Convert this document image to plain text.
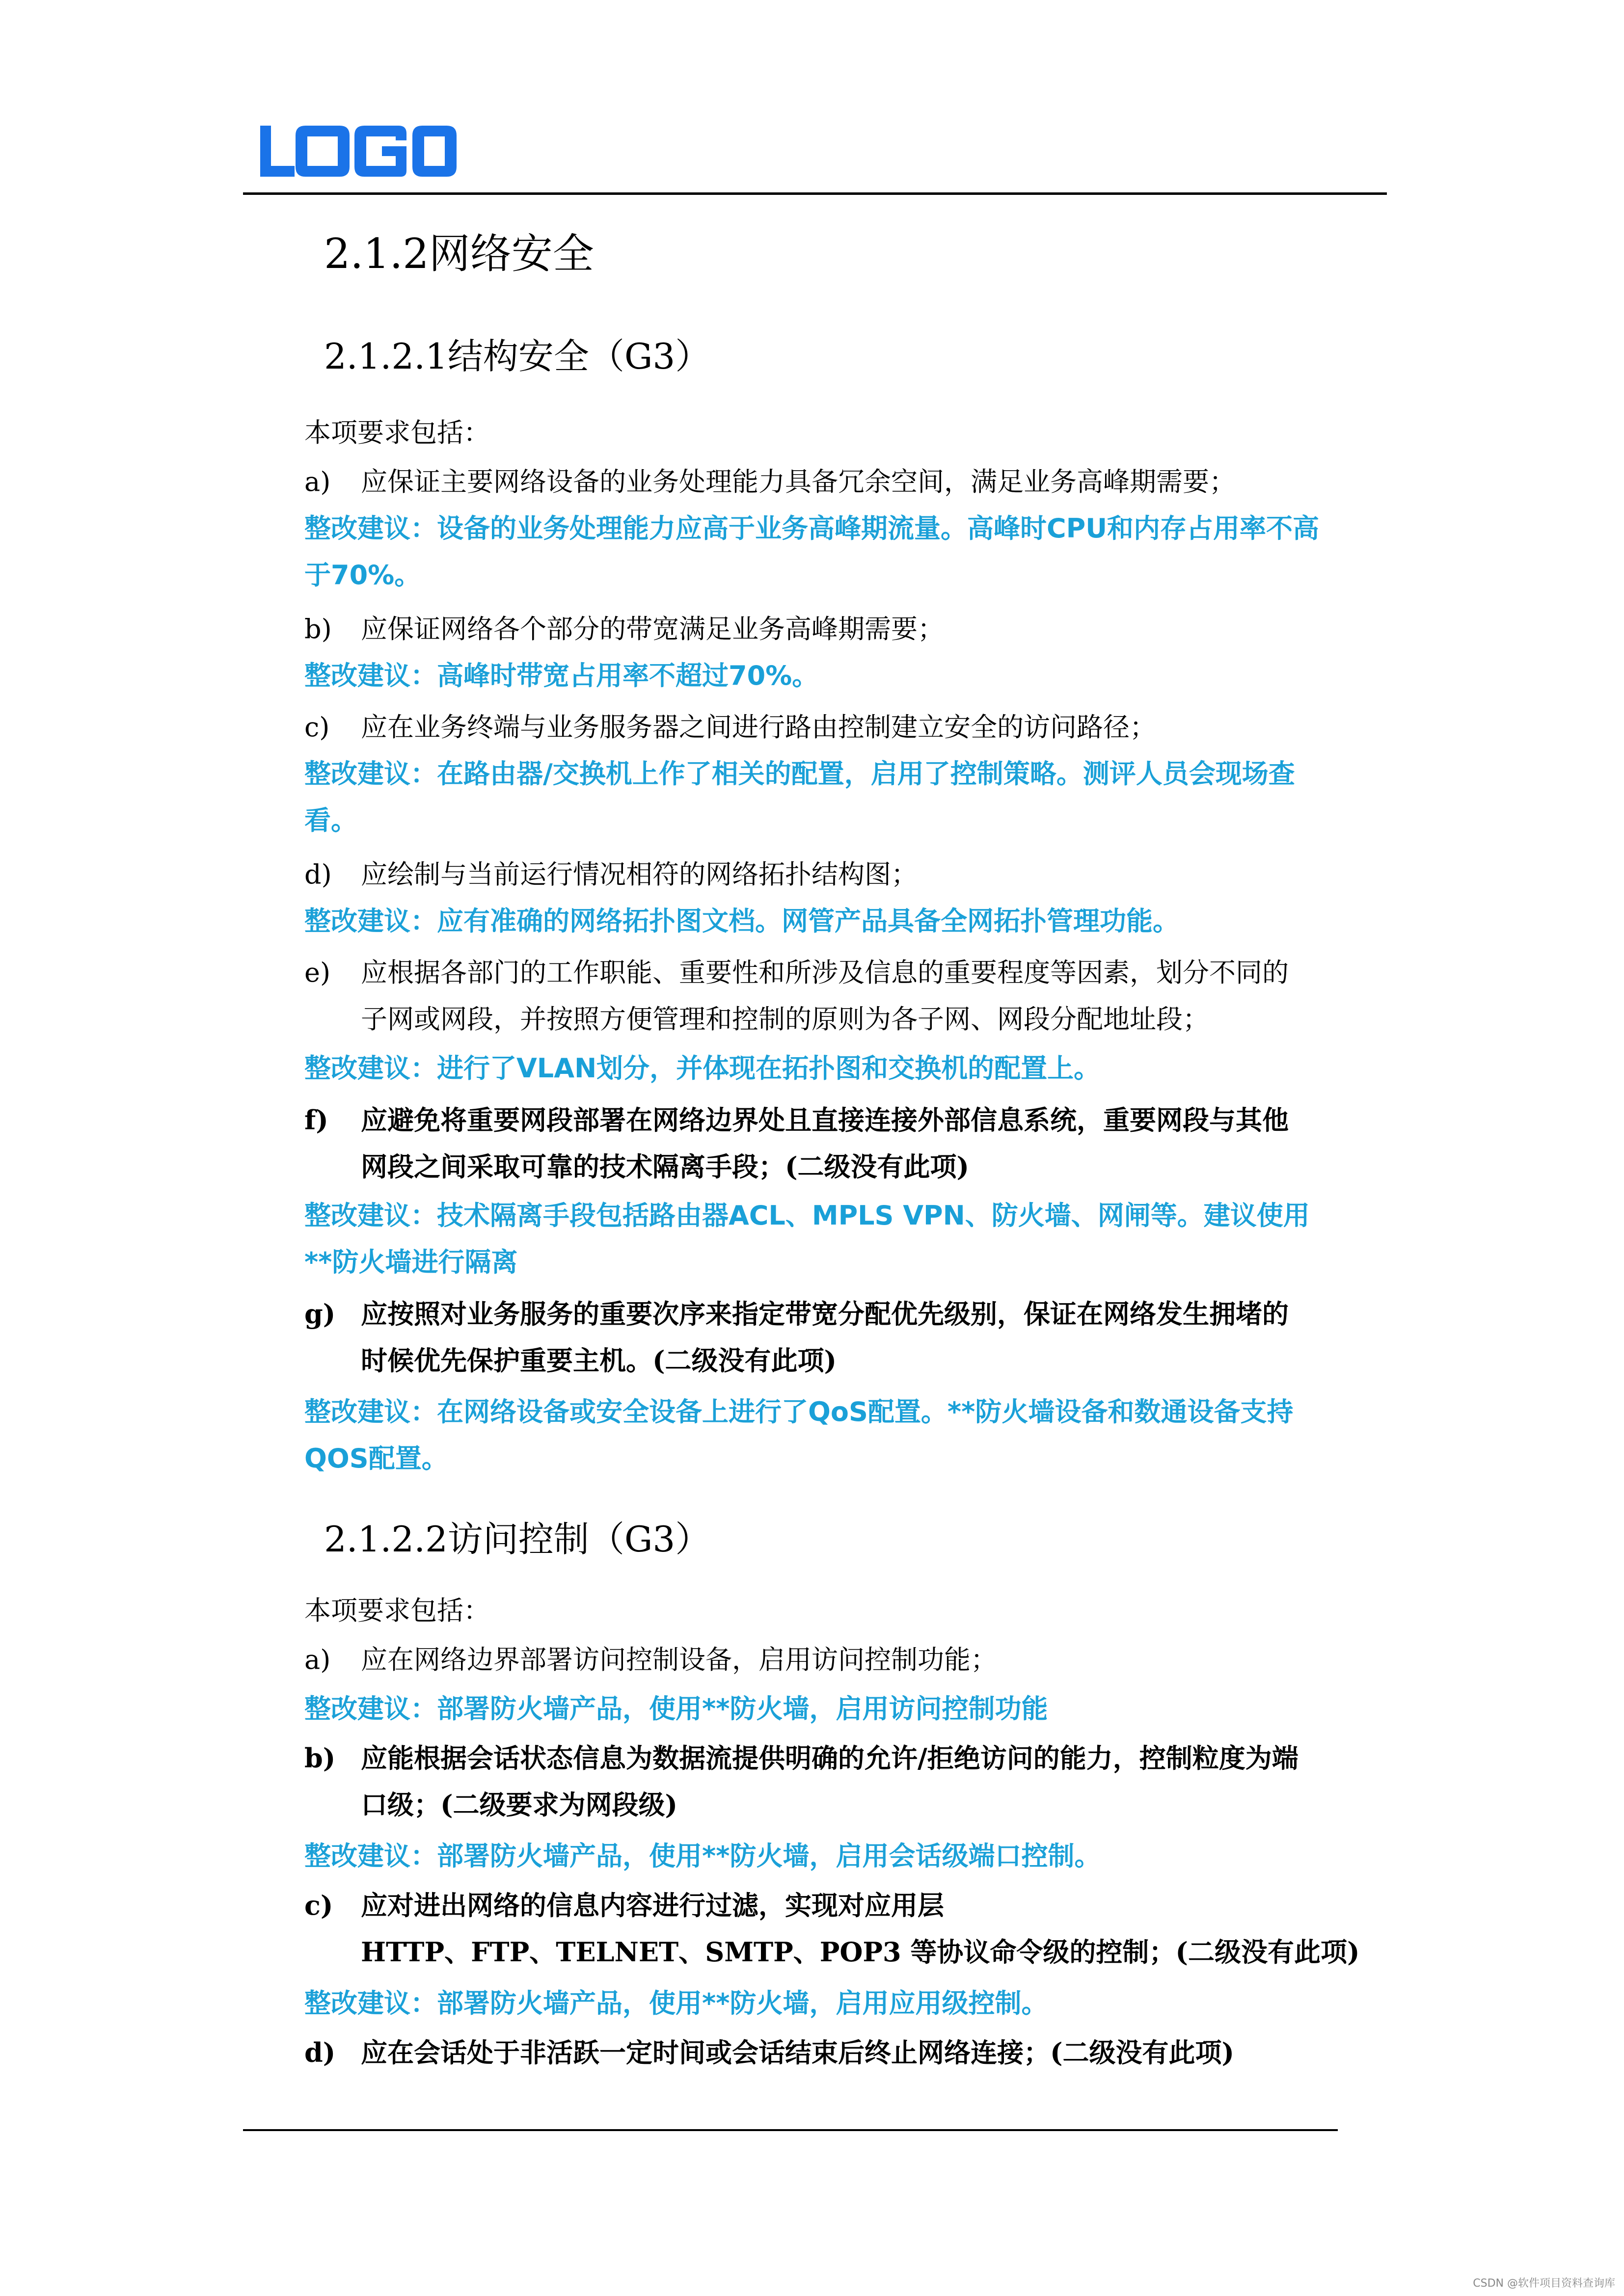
2.1.2网络安全
2.1.2.1结构安全（G3）
本项要求包括：
a) 应保证主要网络设备的业务处理能力具备冗余空间，满足业务高峰期需要；
整改建议：设备的业务处理能力应高于业务高峰期流量。高峰时CPU和内存占用率不高
于70%。
b) 应保证网络各个部分的带宽满足业务高峰期需要；
整改建议：高峰时带宽占用率不超过70%。
c) 应在业务终端与业务服务器之间进行路由控制建立安全的访问路径；
整改建议：在路由器/交换机上作了相关的配置，启用了控制策略。测评人员会现场查
看。
d) 应绘制与当前运行情况相符的网络拓扑结构图；
整改建议：应有准确的网络拓扑图文档。网管产品具备全网拓扑管理功能。
e) 应根据各部门的工作职能、重要性和所涉及信息的重要程度等因素，划分不同的
子网或网段，并按照方便管理和控制的原则为各子网、网段分配地址段；
整改建议：进行了VLAN划分，并体现在拓扑图和交换机的配置上。
f) 应避免将重要网段部署在网络边界处且直接连接外部信息系统，重要网段与其他
网段之间采取可靠的技术隔离手段；(二级没有此项)
整改建议：技术隔离手段包括路由器ACL、MPLS VPN、防火墙、网闸等。建议使用
**防火墙进行隔离
g) 应按照对业务服务的重要次序来指定带宽分配优先级别，保证在网络发生拥堵的
时候优先保护重要主机。(二级没有此项)
整改建议：在网络设备或安全设备上进行了QoS配置。**防火墙设备和数通设备支持
QOS配置。
2.1.2.2访问控制（G3）
本项要求包括：
a) 应在网络边界部署访问控制设备，启用访问控制功能；
整改建议：部署防火墙产品，使用**防火墙，启用访问控制功能
b) 应能根据会话状态信息为数据流提供明确的允许/拒绝访问的能力，控制粒度为端
口级；(二级要求为网段级)
整改建议：部署防火墙产品，使用**防火墙，启用会话级端口控制。
c) 应对进出网络的信息内容进行过滤，实现对应用层
HTTP、FTP、TELNET、SMTP、POP3 等协议命令级的控制；(二级没有此项)
整改建议：部署防火墙产品，使用**防火墙，启用应用级控制。
d) 应在会话处于非活跃一定时间或会话结束后终止网络连接；(二级没有此项)
CSDN @软件项目资料查询库
